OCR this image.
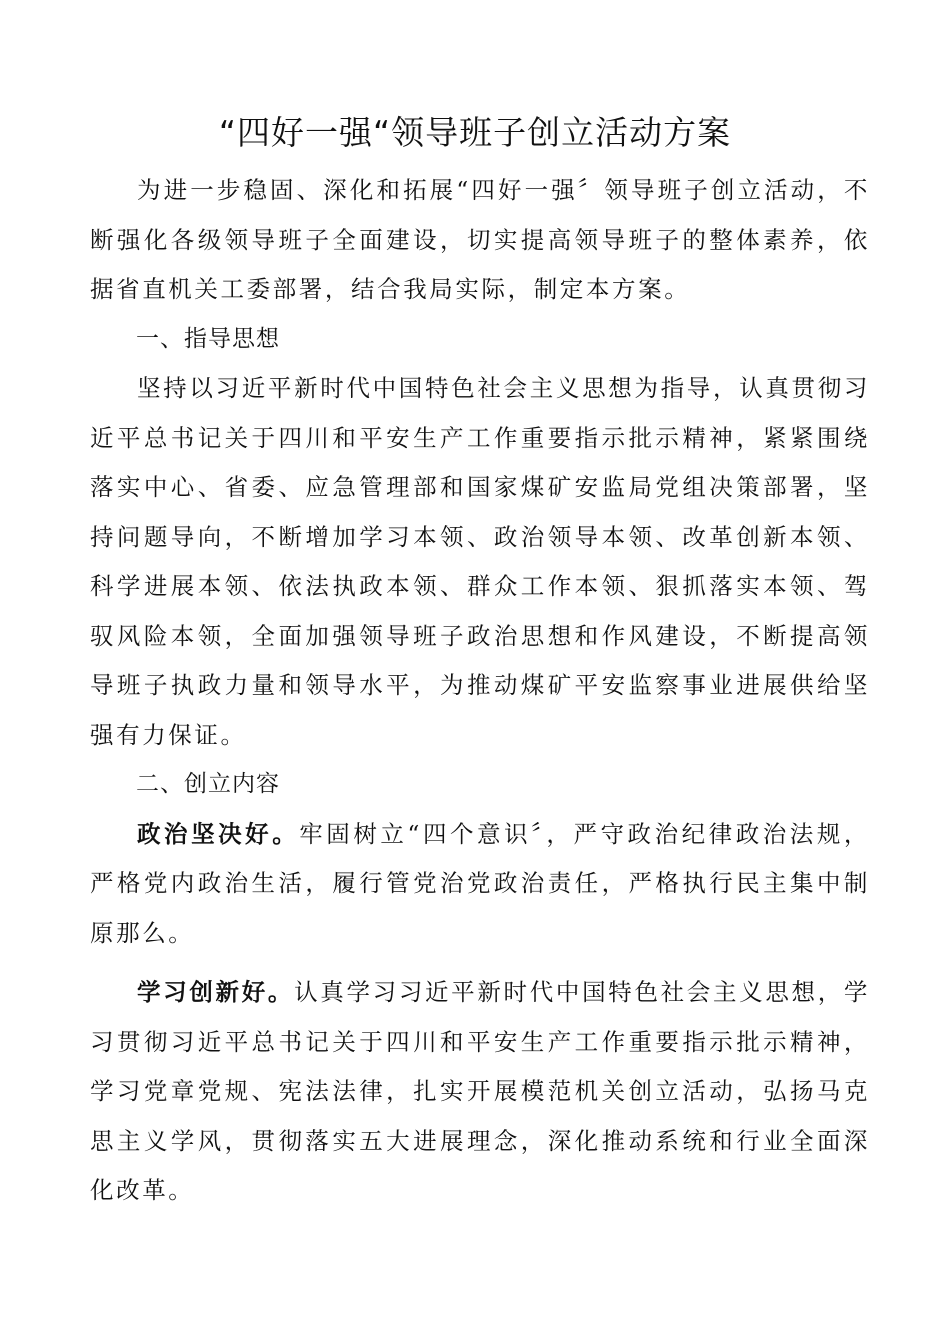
“四好一强“领导班子创立活动方案

为进一步稳固、深化和拓展“四好一强〞领导班子创立活动，不断强化各级领导班子全面建设，切实提高领导班子的整体素养，依据省直机关工委部署，结合我局实际，制定本方案。

一、指导思想

坚持以习近平新时代中国特色社会主义思想为指导，认真贯彻习近平总书记关于四川和平安生产工作重要指示批示精神，紧紧围绕落实中心、省委、应急管理部和国家煤矿安监局党组决策部署，坚持问题导向，不断增加学习本领、政治领导本领、改革创新本领、科学进展本领、依法执政本领、群众工作本领、狠抓落实本领、驾驭风险本领，全面加强领导班子政治思想和作风建设，不断提高领导班子执政力量和领导水平，为推动煤矿平安监察事业进展供给坚强有力保证。

二、创立内容

政治坚决好。牢固树立“四个意识〞，严守政治纪律政治法规，严格党内政治生活，履行管党治党政治责任，严格执行民主集中制原那么。

学习创新好。认真学习习近平新时代中国特色社会主义思想，学习贯彻习近平总书记关于四川和平安生产工作重要指示批示精神，学习党章党规、宪法法律，扎实开展模范机关创立活动，弘扬马克思主义学风，贯彻落实五大进展理念，深化推动系统和行业全面深化改革。
